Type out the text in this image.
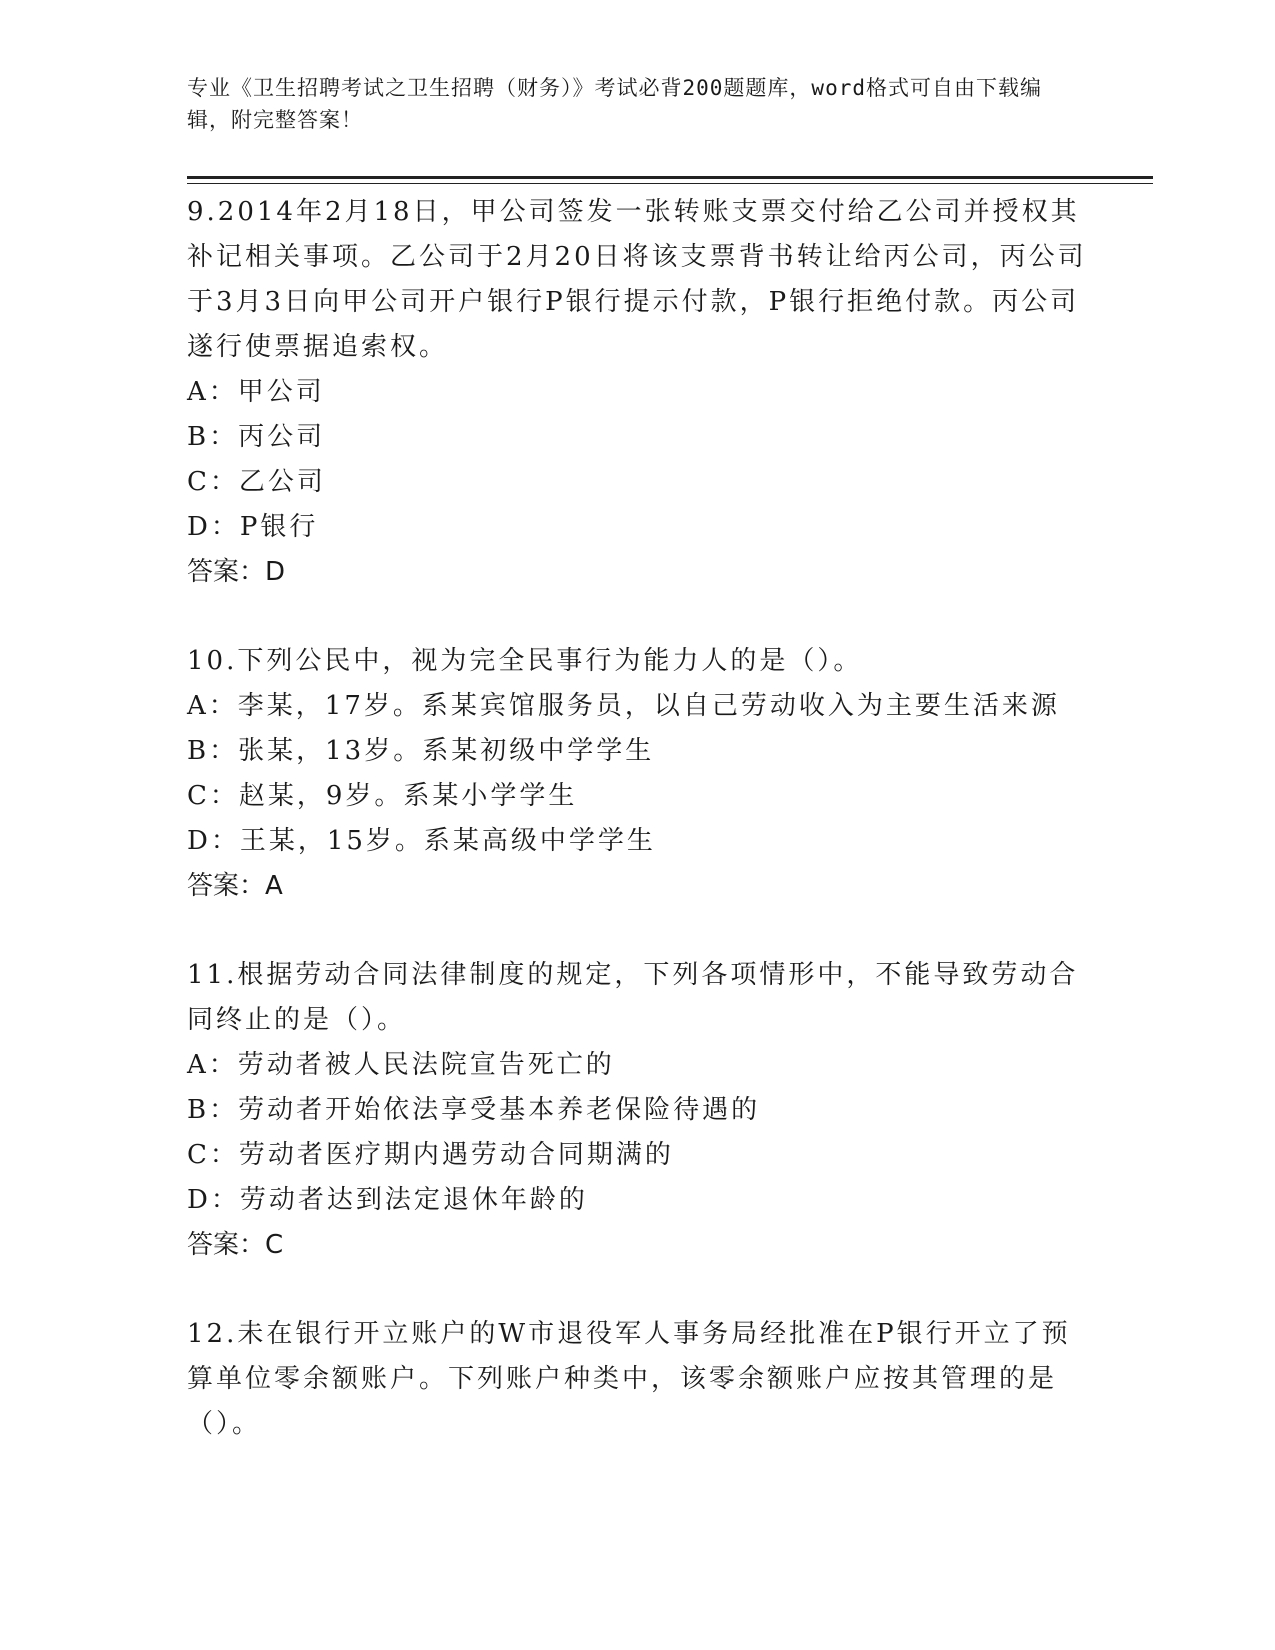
专业《卫生招聘考试之卫生招聘（财务）》考试必背200题题库，word格式可自由下载编辑，附完整答案！

9.2014年2月18日，甲公司签发一张转账支票交付给乙公司并授权其补记相关事项。乙公司于2月20日将该支票背书转让给丙公司，丙公司于3月3日向甲公司开户银行P银行提示付款，P银行拒绝付款。丙公司遂行使票据追索权。

A：甲公司

B：丙公司

C：乙公司

D：P银行

答案：D

10.下列公民中，视为完全民事行为能力人的是（）。

A：李某，17岁。系某宾馆服务员，以自己劳动收入为主要生活来源

B：张某，13岁。系某初级中学学生

C：赵某，9岁。系某小学学生

D：王某，15岁。系某高级中学学生

答案：A

11.根据劳动合同法律制度的规定，下列各项情形中，不能导致劳动合同终止的是（）。

A：劳动者被人民法院宣告死亡的

B：劳动者开始依法享受基本养老保险待遇的

C：劳动者医疗期内遇劳动合同期满的

D：劳动者达到法定退休年龄的

答案：C

12.未在银行开立账户的W市退役军人事务局经批准在P银行开立了预算单位零余额账户。下列账户种类中，该零余额账户应按其管理的是（）。
